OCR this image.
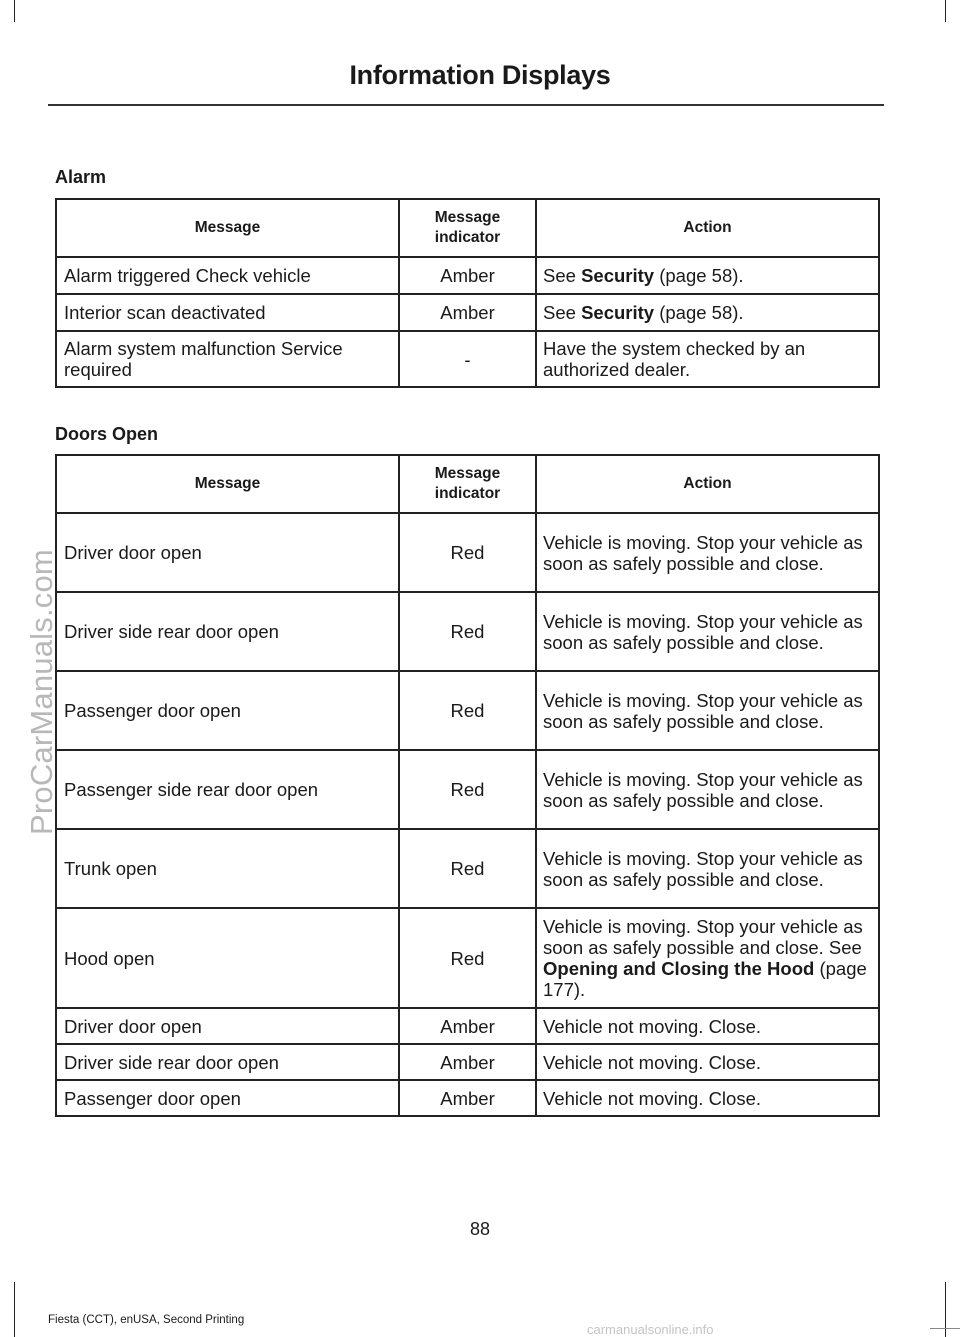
ProCarManuals.com
Information Displays
Alarm
Message	Message indicator	Action
Alarm triggered Check vehicle	Amber	See Security (page 58).
Interior scan deactivated	Amber	See Security (page 58).
Alarm system malfunction Service required	-	Have the system checked by an authorized dealer.
Doors Open
Message	Message indicator	Action
Driver door open	Red	Vehicle is moving. Stop your vehicle as soon as safely possible and close.
Driver side rear door open	Red	Vehicle is moving. Stop your vehicle as soon as safely possible and close.
Passenger door open	Red	Vehicle is moving. Stop your vehicle as soon as safely possible and close.
Passenger side rear door open	Red	Vehicle is moving. Stop your vehicle as soon as safely possible and close.
Trunk open	Red	Vehicle is moving. Stop your vehicle as soon as safely possible and close.
Hood open	Red	Vehicle is moving. Stop your vehicle as soon as safely possible and close. See Opening and Closing the Hood (page 177).
Driver door open	Amber	Vehicle not moving. Close.
Driver side rear door open	Amber	Vehicle not moving. Close.
Passenger door open	Amber	Vehicle not moving. Close.
88
Fiesta (CCT), enUSA, Second Printing
carmanualsonline.info
